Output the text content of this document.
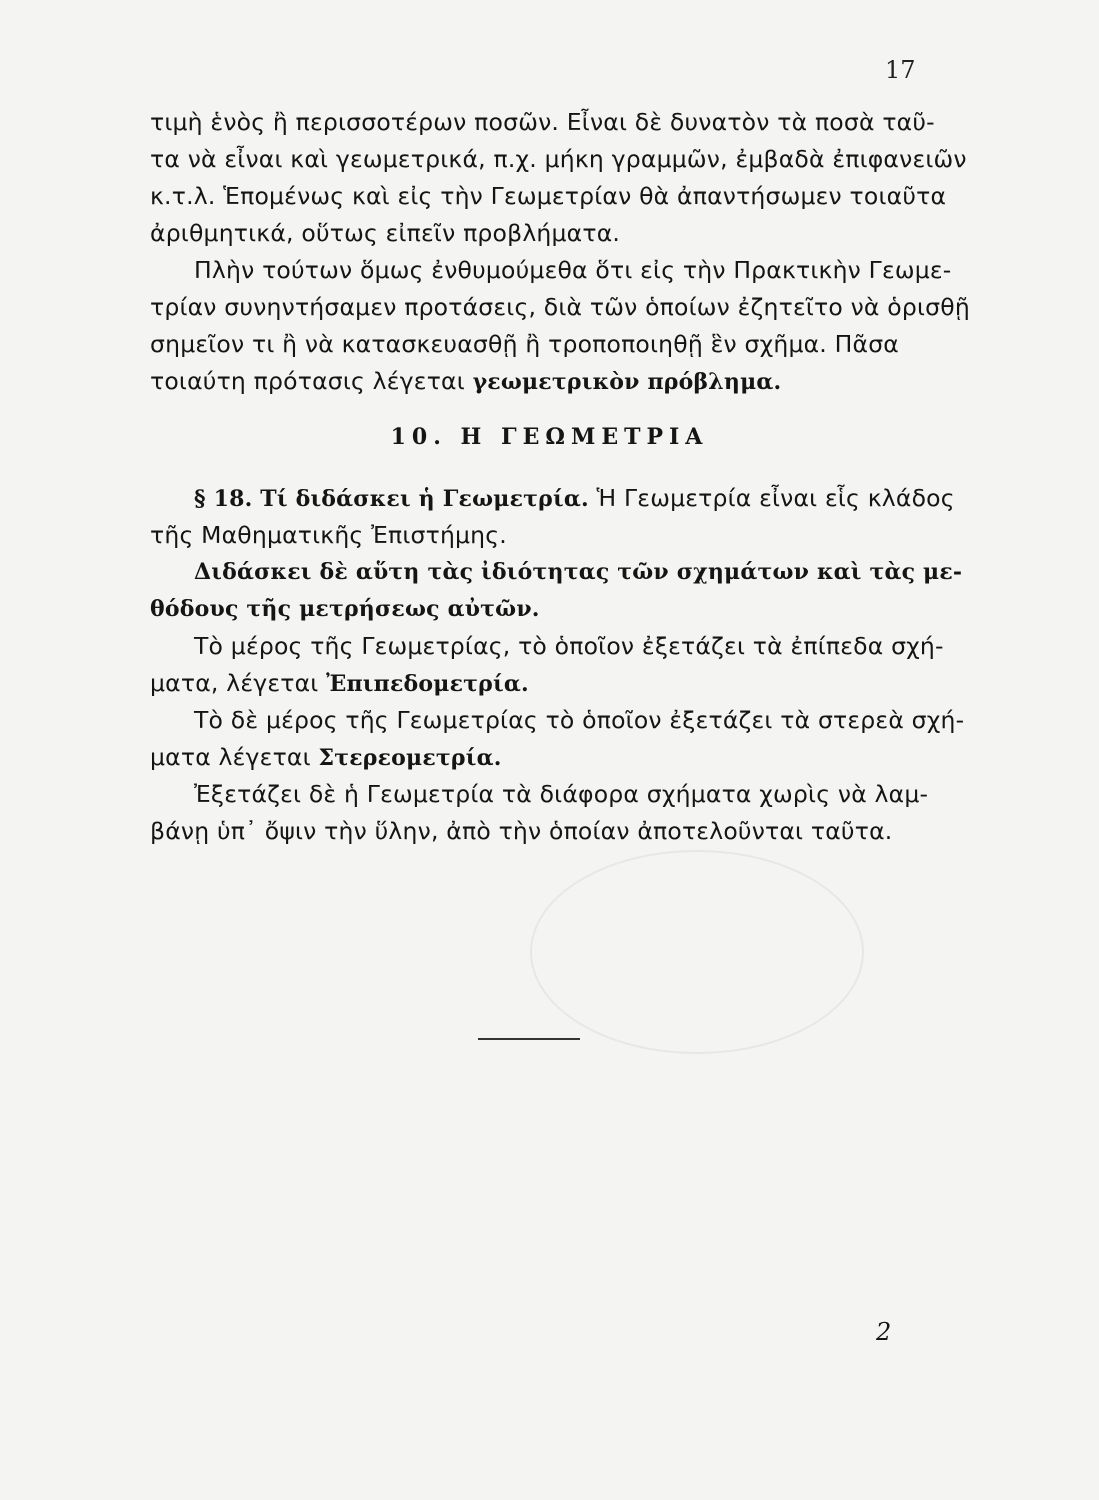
17
τιμὴ ἑνὸς ἢ περισσοτέρων ποσῶν. Εἶναι δὲ δυνατὸν τὰ ποσὰ ταῦ-
τα νὰ εἶναι καὶ γεωμετρικά, π.χ. μήκη γραμμῶν, ἐμβαδὰ ἐπιφανειῶν
κ.τ.λ. Ἑπομένως καὶ εἰς τὴν Γεωμετρίαν θὰ ἀπαντήσωμεν τοιαῦτα
ἀριθμητικά, οὕτως εἰπεῖν προβλήματα.
Πλὴν τούτων ὅμως ἐνθυμούμεθα ὅτι εἰς τὴν Πρακτικὴν Γεωμε-
τρίαν συνηντήσαμεν προτάσεις, διὰ τῶν ὁποίων ἐζητεῖτο νὰ ὁρισθῇ
σημεῖον τι ἢ νὰ κατασκευασθῇ ἢ τροποποιηθῇ ἓν σχῆμα. Πᾶσα
τοιαύτη πρότασις λέγεται γεωμετρικὸν πρόβλημα.
10. Η ΓΕΩΜΕΤΡΙΑ
§ 18. Τί διδάσκει ἡ Γεωμετρία. Ἡ Γεωμετρία εἶναι εἷς κλάδος
τῆς Μαθηματικῆς Ἐπιστήμης.
Διδάσκει δὲ αὕτη τὰς ἰδιότητας τῶν σχημάτων καὶ τὰς με-
θόδους τῆς μετρήσεως αὐτῶν.
Τὸ μέρος τῆς Γεωμετρίας, τὸ ὁποῖον ἐξετάζει τὰ ἐπίπεδα σχή-
ματα, λέγεται Ἐπιπεδομετρία.
Τὸ δὲ μέρος τῆς Γεωμετρίας τὸ ὁποῖον ἐξετάζει τὰ στερεὰ σχή-
ματα λέγεται Στερεομετρία.
Ἐξετάζει δὲ ἡ Γεωμετρία τὰ διάφορα σχήματα χωρὶς νὰ λαμ-
βάνῃ ὑπ᾽ ὄψιν τὴν ὕλην, ἀπὸ τὴν ὁποίαν ἀποτελοῦνται ταῦτα.
2
